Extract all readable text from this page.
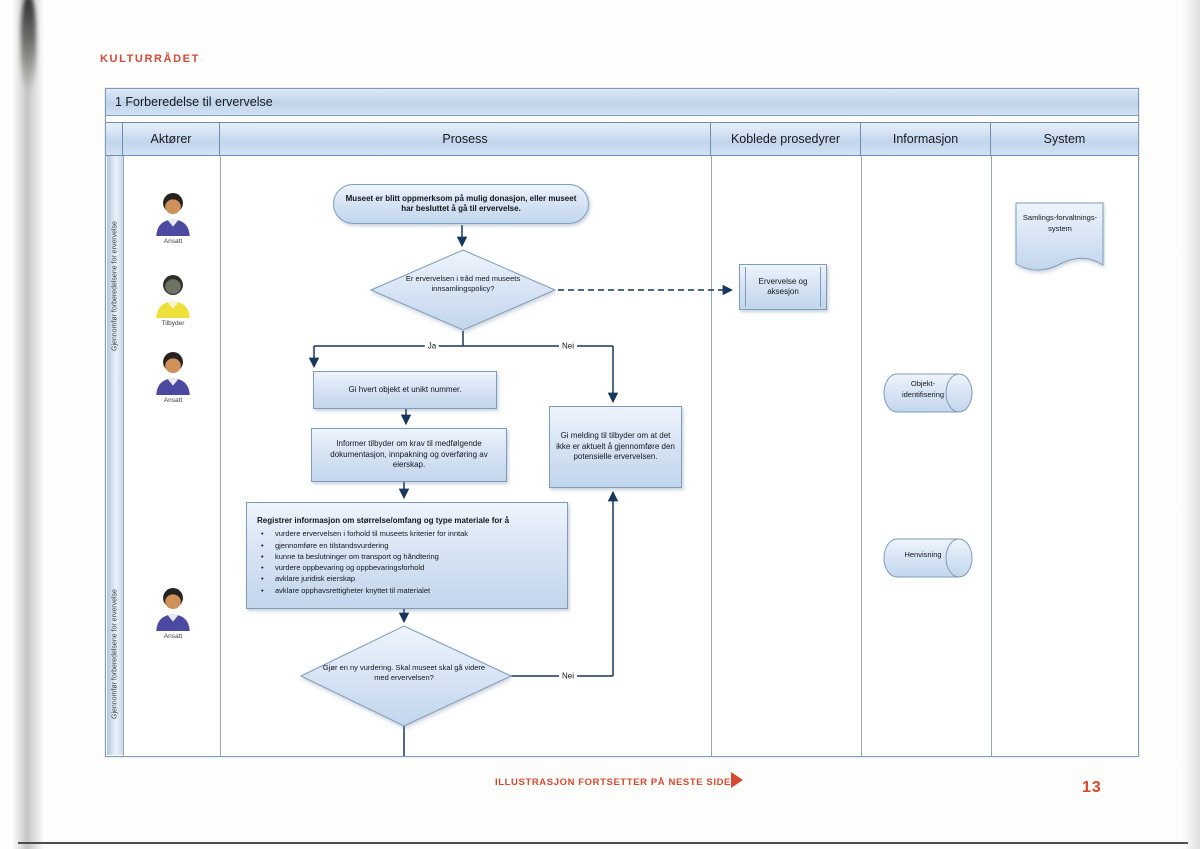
KULTURRÅDET
1 Forberedelse til ervervelse
Aktører	Prosess	Koblede prosedyrer	Informasjon	System
Gjennomfør forberedelsene for ervervelse
Gjennomfør forberedelsene for ervervelse
Ansatt
Tilbyder
Ansatt
Ansatt
Museet er blitt oppmerksom på mulig donasjon, eller museet har besluttet å gå til ervervelse.
Er ervervelsen i tråd med museets innsamlingspolicy?
Ervervelse og aksesjon
Ja	Nei
Gi hvert objekt et unikt nummer.
Informer tilbyder om krav til medfølgende dokumentasjon, innpakning og overføring av eierskap.
Gi melding til tilbyder om at det ikke er aktuelt å gjennomføre den potensielle ervervelsen.
Registrer informasjon om størrelse/omfang og type materiale for å
• vurdere ervervelsen i forhold til museets kriterier for inntak
• gjennomføre en tilstandsvurdering
• kunne ta beslutninger om transport og håndtering
• vurdere oppbevaring og oppbevaringsforhold
• avklare juridisk eierskap
• avklare opphavsrettigheter knyttet til materialet
Gjør en ny vurdering. Skal museet skal gå videre med ervervelsen?	Nei
Objekt-identifisering
Henvisning
Samlings-forvaltnings-system
ILLUSTRASJON FORTSETTER PÅ NESTE SIDE	13
